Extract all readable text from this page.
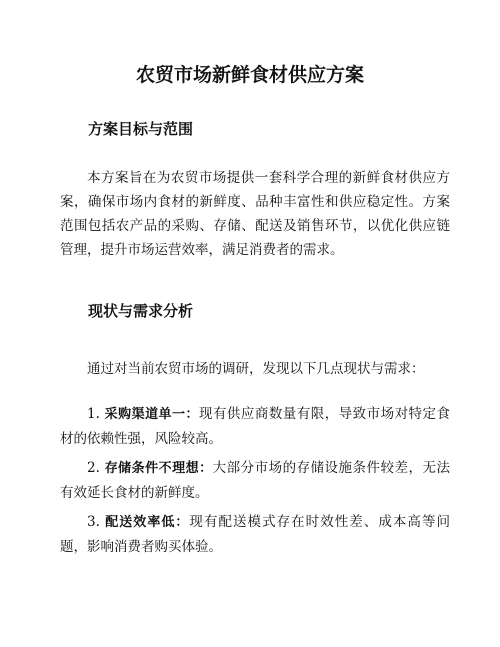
农贸市场新鲜食材供应方案
方案目标与范围
本方案旨在为农贸市场提供一套科学合理的新鲜食材供应方案，确保市场内食材的新鲜度、品种丰富性和供应稳定性。方案范围包括农产品的采购、存储、配送及销售环节，以优化供应链管理，提升市场运营效率，满足消费者的需求。
现状与需求分析
通过对当前农贸市场的调研，发现以下几点现状与需求：
1. 采购渠道单一：现有供应商数量有限，导致市场对特定食材的依赖性强，风险较高。
2. 存储条件不理想：大部分市场的存储设施条件较差，无法有效延长食材的新鲜度。
3. 配送效率低：现有配送模式存在时效性差、成本高等问题，影响消费者购买体验。
